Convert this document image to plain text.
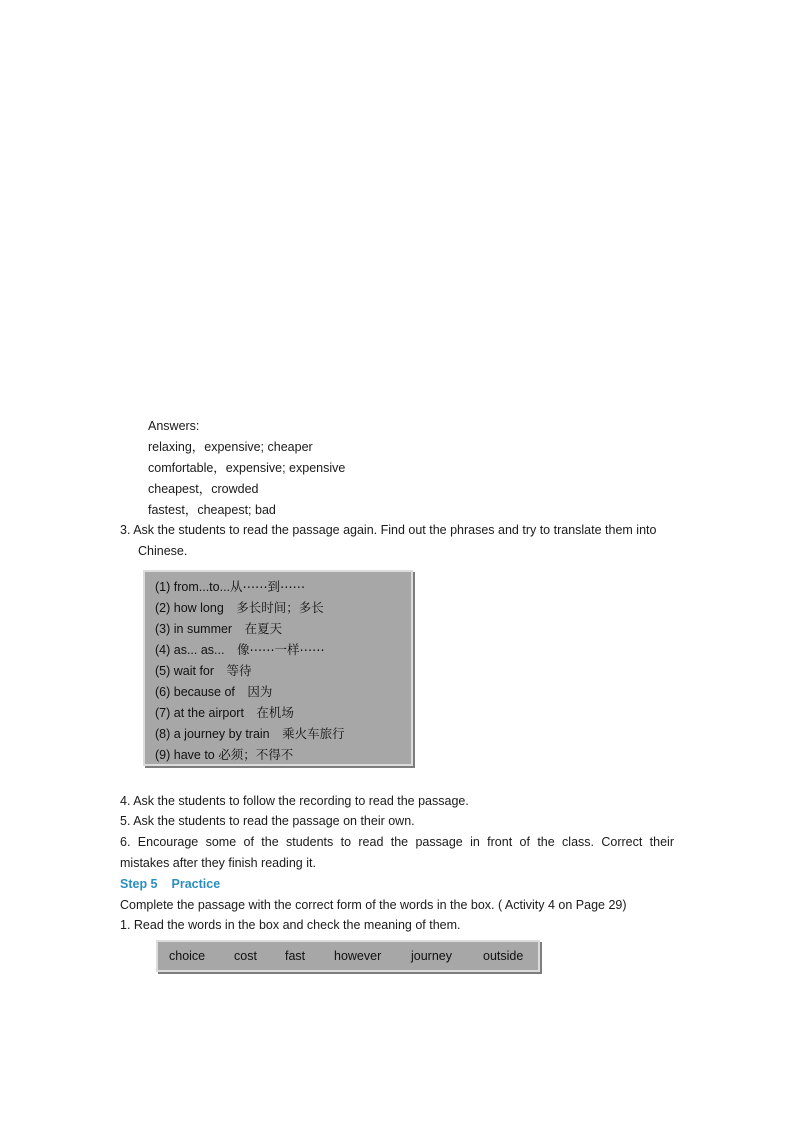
Answers:
relaxing，expensive; cheaper
comfortable，expensive; expensive
cheapest，crowded
fastest，cheapest; bad
3. Ask the students to read the passage again. Find out the phrases and try to translate them into
Chinese.
(1) from...to...从⋯⋯到⋯⋯
(2) how long　多长时间；多长
(3) in summer　在夏天
(4) as... as...　像⋯⋯一样⋯⋯
(5) wait for　等待
(6) because of　因为
(7) at the airport　在机场
(8) a journey by train　乘火车旅行
(9) have to 必须；不得不
4. Ask the students to follow the recording to read the passage.
5. Ask the students to read the passage on their own.
6. Encourage some of the students to read the passage in front of the class. Correct their
mistakes after they finish reading it.
Step 5 Practice
Complete the passage with the correct form of the words in the box. ( Activity 4 on Page 29)
1. Read the words in the box and check the meaning of them.
choice cost fast however journey outside
